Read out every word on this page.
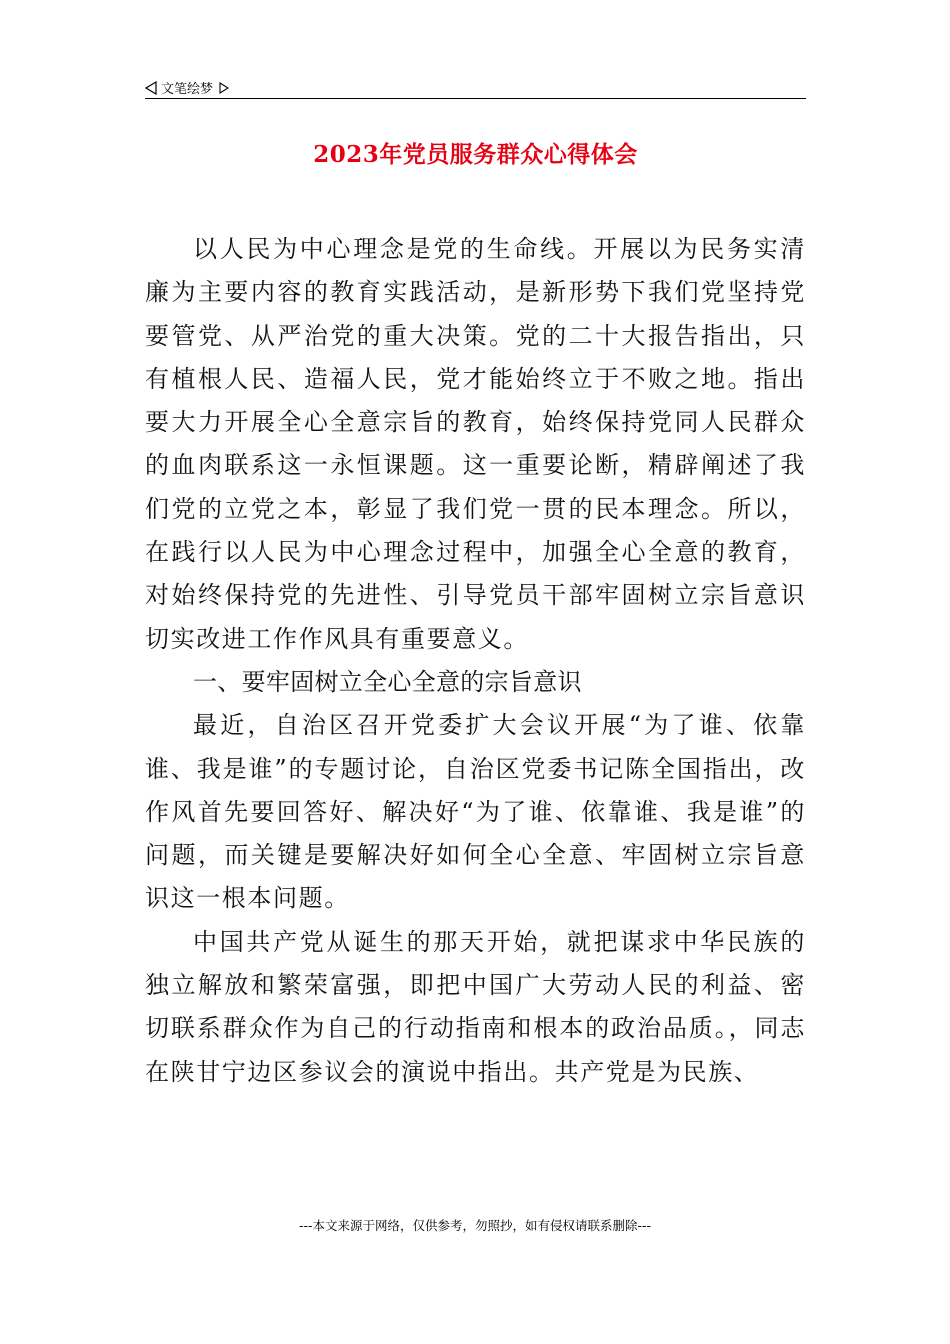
文笔绘梦
2023年党员服务群众心得体会

以人民为中心理念是党的生命线。开展以为民务实清廉为主要内容的教育实践活动，是新形势下我们党坚持党要管党、从严治党的重大决策。党的二十大报告指出，只有植根人民、造福人民，党才能始终立于不败之地。指出要大力开展全心全意宗旨的教育，始终保持党同人民群众的血肉联系这一永恒课题。这一重要论断，精辟阐述了我们党的立党之本，彰显了我们党一贯的民本理念。所以，在践行以人民为中心理念过程中，加强全心全意的教育，对始终保持党的先进性、引导党员干部牢固树立宗旨意识切实改进工作作风具有重要意义。

一、要牢固树立全心全意的宗旨意识

最近，自治区召开党委扩大会议开展“为了谁、依靠谁、我是谁”的专题讨论，自治区党委书记陈全国指出，改作风首先要回答好、解决好“为了谁、依靠谁、我是谁”的问题，而关键是要解决好如何全心全意、牢固树立宗旨意识这一根本问题。

中国共产党从诞生的那天开始，就把谋求中华民族的独立解放和繁荣富强，即把中国广大劳动人民的利益、密切联系群众作为自己的行动指南和根本的政治品质。，同志在陕甘宁边区参议会的演说中指出。共产党是为民族、

---本文来源于网络，仅供参考，勿照抄，如有侵权请联系删除---
